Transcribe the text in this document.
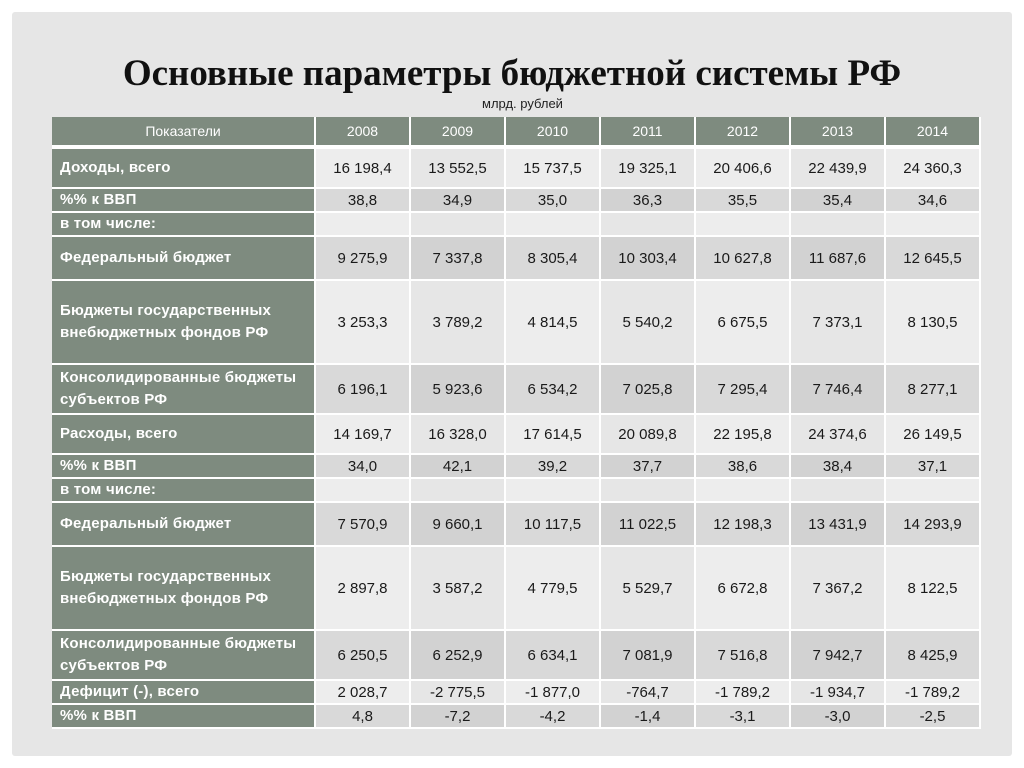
Основные параметры бюджетной системы РФ
млрд. рублей
Показатели	2008	2009	2010	2011	2012	2013	2014
Доходы, всего	16 198,4	13 552,5	15 737,5	19 325,1	20 406,6	22 439,9	24 360,3
%% к ВВП	38,8	34,9	35,0	36,3	35,5	35,4	34,6
в том числе:							
Федеральный бюджет	9 275,9	7 337,8	8 305,4	10 303,4	10 627,8	11 687,6	12 645,5
Бюджеты государственных внебюджетных фондов РФ	3 253,3	3 789,2	4 814,5	5 540,2	6 675,5	7 373,1	8 130,5
Консолидированные бюджеты субъектов РФ	6 196,1	5 923,6	6 534,2	7 025,8	7 295,4	7 746,4	8 277,1
Расходы, всего	14 169,7	16 328,0	17 614,5	20 089,8	22 195,8	24 374,6	26 149,5
%% к ВВП	34,0	42,1	39,2	37,7	38,6	38,4	37,1
в том числе:							
Федеральный бюджет	7 570,9	9 660,1	10 117,5	11 022,5	12 198,3	13 431,9	14 293,9
Бюджеты государственных внебюджетных фондов РФ	2 897,8	3 587,2	4 779,5	5 529,7	6 672,8	7 367,2	8 122,5
Консолидированные бюджеты субъектов РФ	6 250,5	6 252,9	6 634,1	7 081,9	7 516,8	7 942,7	8 425,9
Дефицит (-), всего	2 028,7	-2 775,5	-1 877,0	-764,7	-1 789,2	-1 934,7	-1 789,2
%% к ВВП	4,8	-7,2	-4,2	-1,4	-3,1	-3,0	-2,5
